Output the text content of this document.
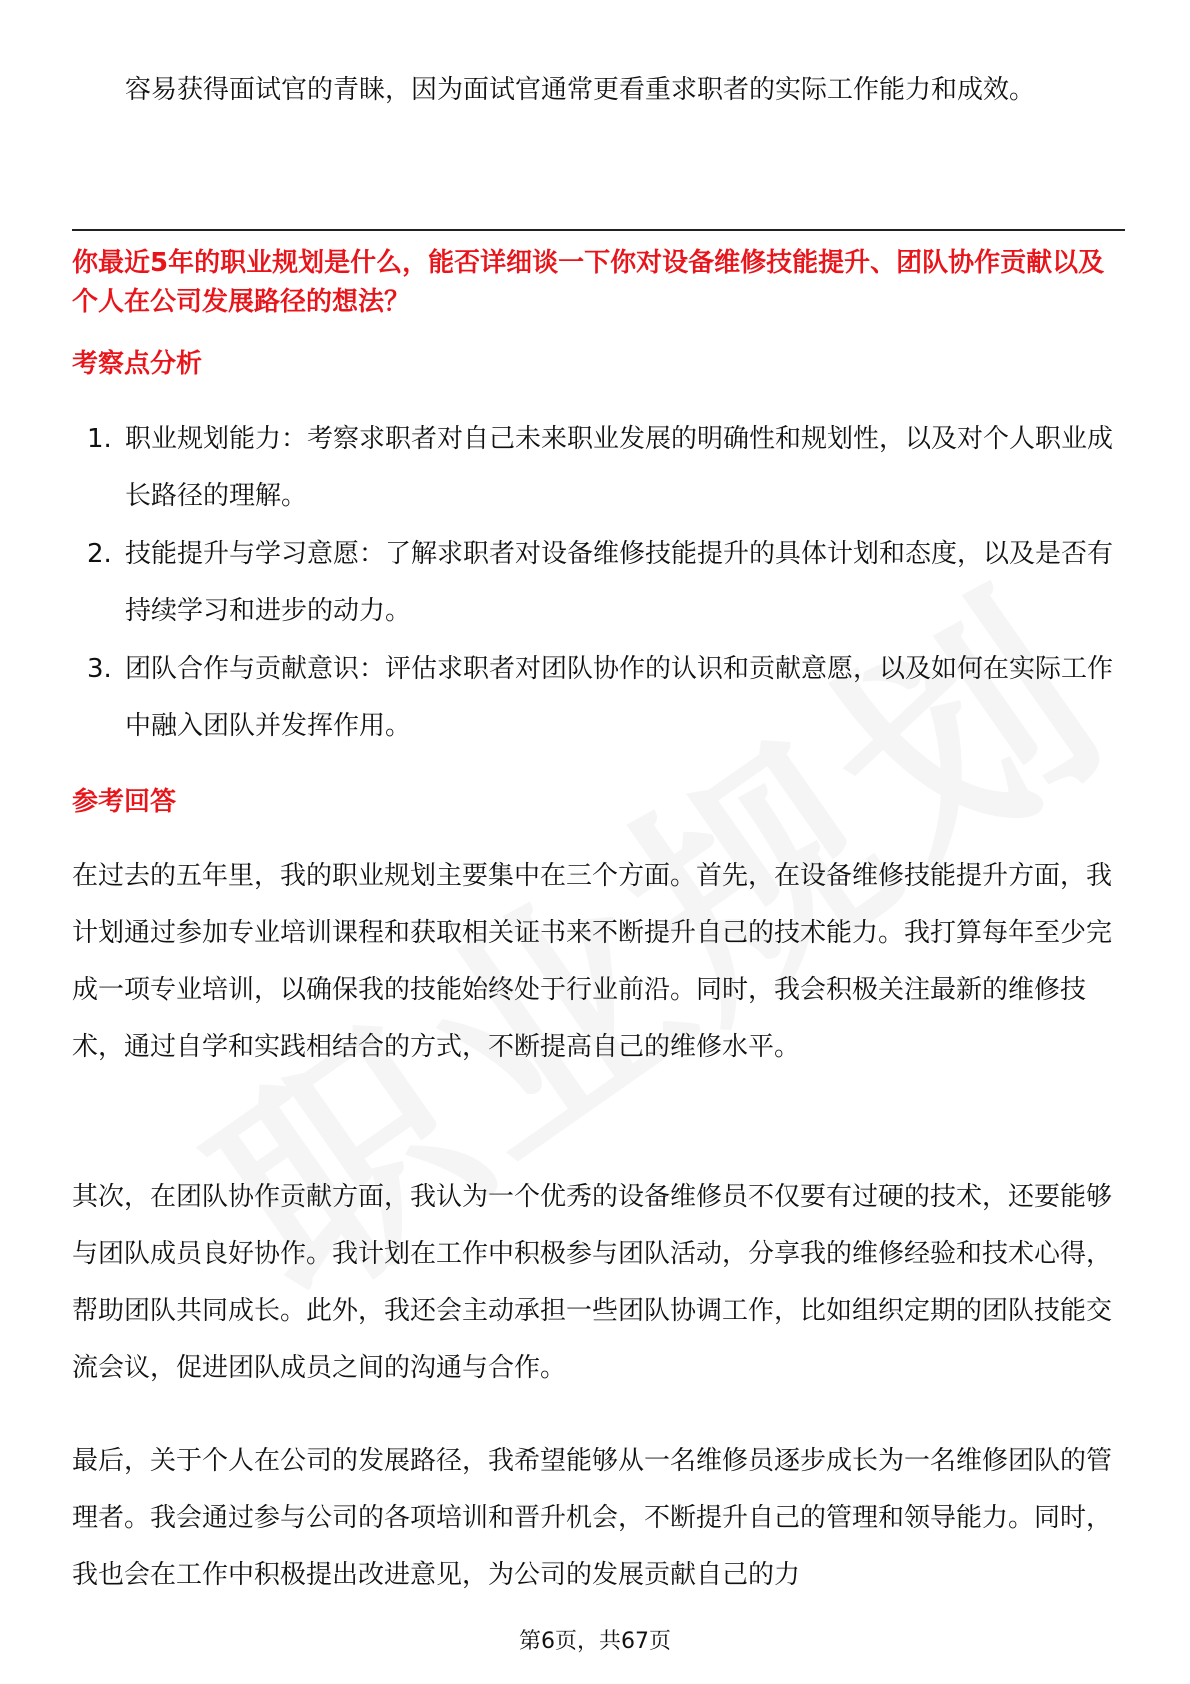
容易获得面试官的青睐，因为面试官通常更看重求职者的实际工作能力和成效。
你最近5年的职业规划是什么，能否详细谈一下你对设备维修技能提升、团队协作贡献以及个人在公司发展路径的想法？
考察点分析
1. 职业规划能力：考察求职者对自己未来职业发展的明确性和规划性，以及对个人职业成长路径的理解。
2. 技能提升与学习意愿：了解求职者对设备维修技能提升的具体计划和态度，以及是否有持续学习和进步的动力。
3. 团队合作与贡献意识：评估求职者对团队协作的认识和贡献意愿，以及如何在实际工作中融入团队并发挥作用。
参考回答

在过去的五年里，我的职业规划主要集中在三个方面。首先，在设备维修技能提升方面，我计划通过参加专业培训课程和获取相关证书来不断提升自己的技术能力。我打算每年至少完成一项专业培训，以确保我的技能始终处于行业前沿。同时，我会积极关注最新的维修技术，通过自学和实践相结合的方式，不断提高自己的维修水平。

其次，在团队协作贡献方面，我认为一个优秀的设备维修员不仅要有过硬的技术，还要能够与团队成员良好协作。我计划在工作中积极参与团队活动，分享我的维修经验和技术心得，帮助团队共同成长。此外，我还会主动承担一些团队协调工作，比如组织定期的团队技能交流会议，促进团队成员之间的沟通与合作。

最后，关于个人在公司的发展路径，我希望能够从一名维修员逐步成长为一名维修团队的管理者。我会通过参与公司的各项培训和晋升机会，不断提升自己的管理和领导能力。同时，我也会在工作中积极提出改进意见，为公司的发展贡献自己的力

第6页，共67页
